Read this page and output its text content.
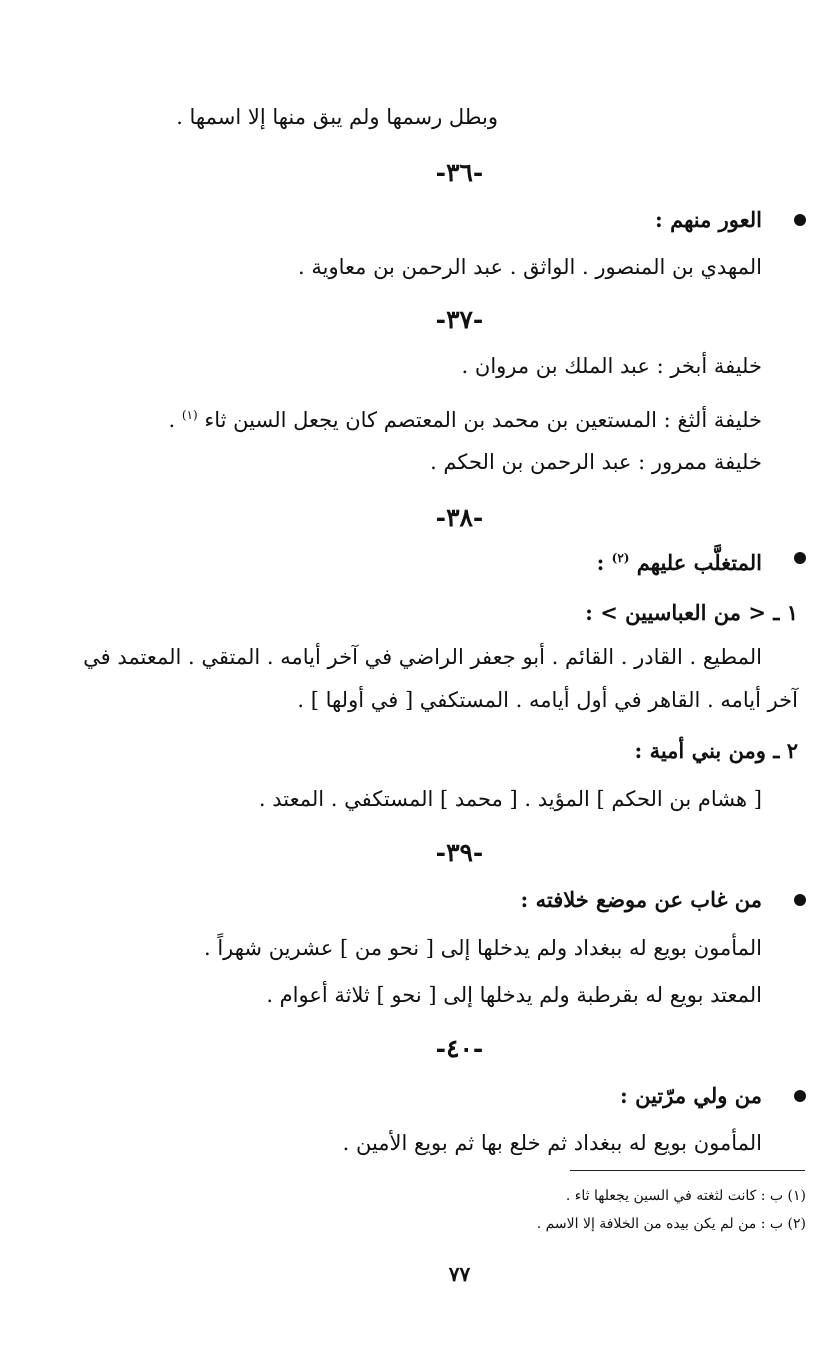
وبطل رسمها ولم يبق منها إلا اسمها .
-٣٦-
العور منهم :
المهدي بن المنصور . الواثق . عبد الرحمن بن معاوية .
-٣٧-
خليفة أبخر : عبد الملك بن مروان .
خليفة ألثغ : المستعين بن محمد بن المعتصم كان يجعل السين ثاء $^{(١)}$ .
خليفة ممرور : عبد الرحمن بن الحكم .
-٣٨-
المتغلَّب عليهم $^{(٢)}$ :
١ ـ < من العباسيين > :
المطيع . القادر . القائم . أبو جعفر الراضي في آخر أيامه . المتقي . المعتمد في
آخر أيامه . القاهر في أول أيامه . المستكفي [ في أولها ] .
٢ ـ ومن بني أمية :
[ هشام بن الحكم ] المؤيد . [ محمد ] المستكفي . المعتد .
-٣٩-
من غاب عن موضع خلافته :
المأمون بويع له ببغداد ولم يدخلها إلى [ نحو من ] عشرين شهراً .
المعتد بويع له بقرطبة ولم يدخلها إلى [ نحو ] ثلاثة أعوام .
-٤٠-
من ولي مرّتين :
المأمون بويع له ببغداد ثم خلع بها ثم بويع الأمين .
(١) ب : كانت لثغته في السين يجعلها ثاء .
(٢) ب : من لم يكن بيده من الخلافة إلا الاسم .
٧٧
